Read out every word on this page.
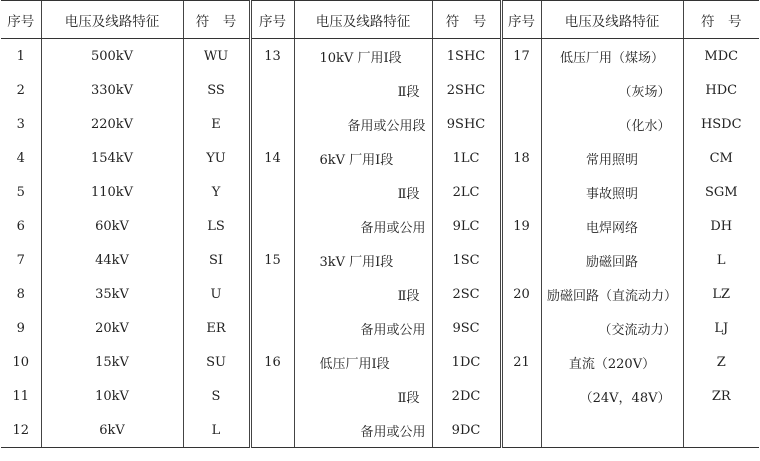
序号	电压及线路特征	符　号	序号	电压及线路特征	符　号	序号	电压及线路特征	符　号
1	500kV	WU	13	10kV 厂用Ⅰ段	1SHC	17	低压厂用（煤场）	MDC
2	330kV	SS		Ⅱ段	2SHC		（灰场）	HDC
3	220kV	E		备用或公用段	9SHC		（化水）	HSDC
4	154kV	YU	14	6kV 厂用Ⅰ段	1LC	18	常用照明	CM
5	110kV	Y		Ⅱ段	2LC		事故照明	SGM
6	60kV	LS		备用或公用	9LC	19	电焊网络	DH
7	44kV	SI	15	3kV 厂用Ⅰ段	1SC		励磁回路	L
8	35kV	U		Ⅱ段	2SC	20	励磁回路（直流动力）	LZ
9	20kV	ER		备用或公用	9SC		（交流动力）	LJ
10	15kV	SU	16	低压厂用Ⅰ段	1DC	21	直流（220V）	Z
11	10kV	S		Ⅱ段	2DC		（24V，48V）	ZR
12	6kV	L		备用或公用	9DC			
